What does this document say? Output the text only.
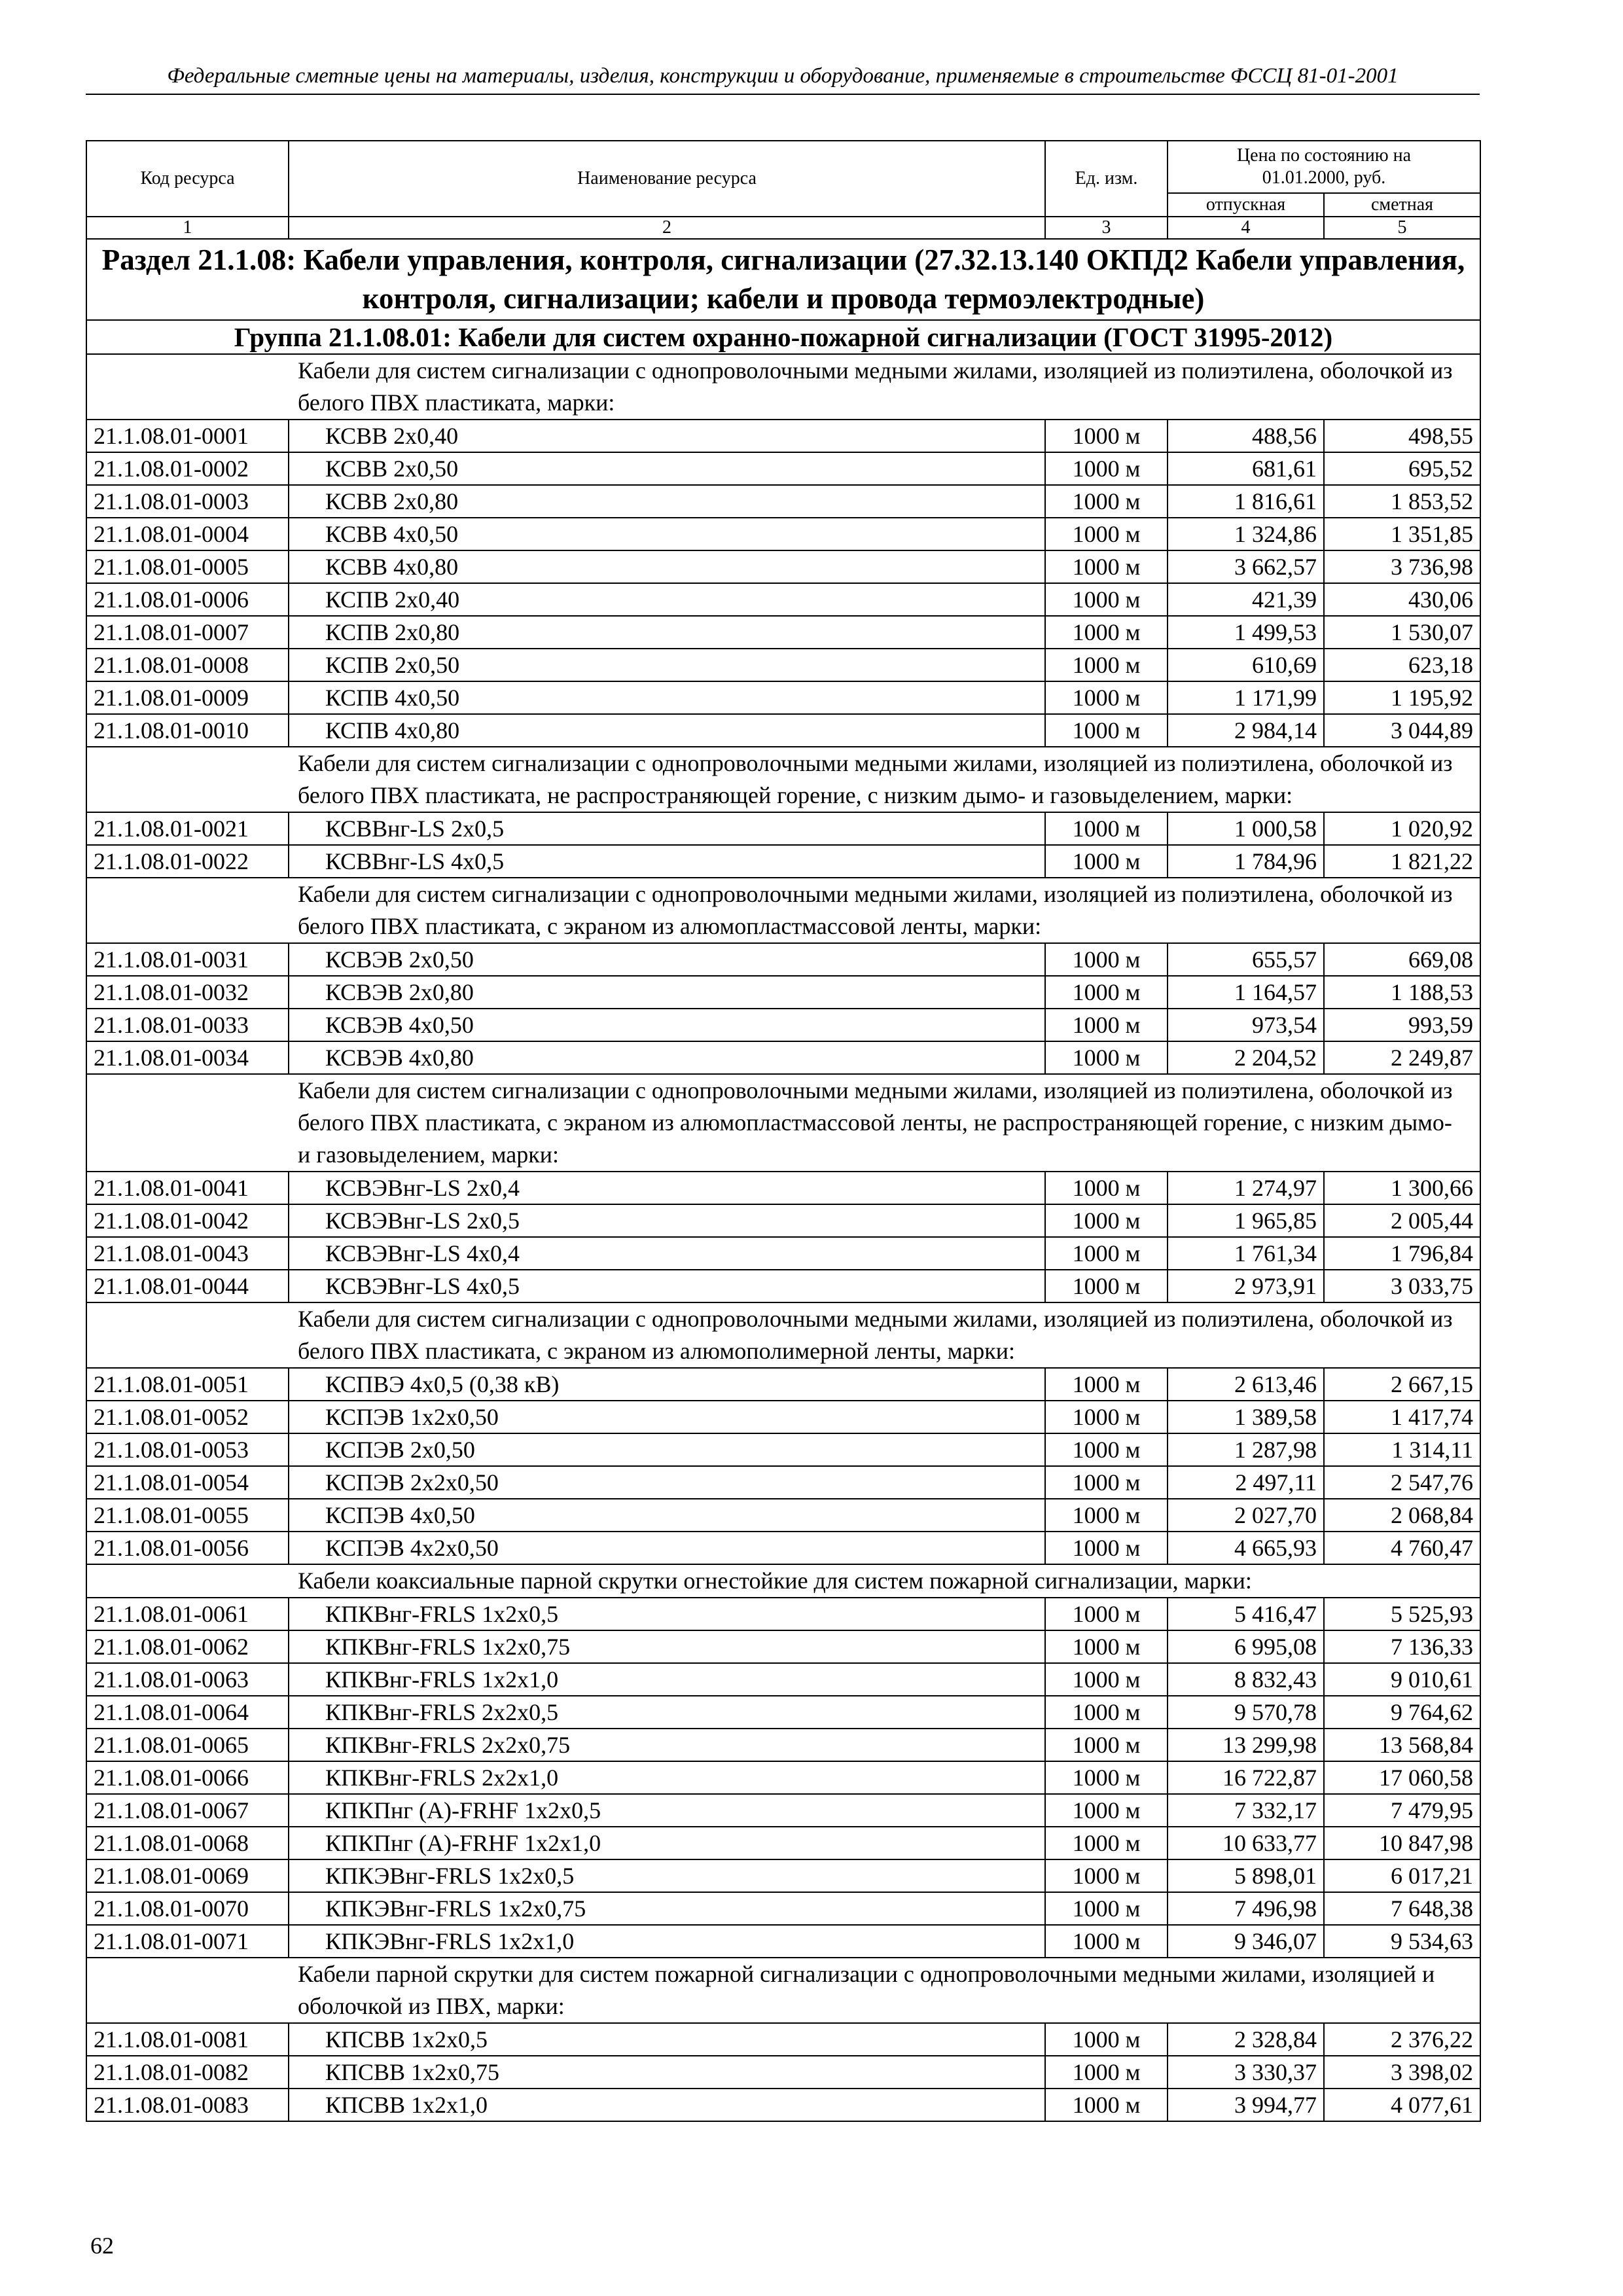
Федеральные сметные цены на материалы, изделия, конструкции и оборудование, применяемые в строительстве ФССЦ 81-01-2001
Код ресурса	Наименование ресурса	Ед. изм.	Цена по состоянию на 01.01.2000, руб.	
			отпускная	сметная
1	2	3	4	5
Раздел 21.1.08: Кабели управления, контроля, сигнализации (27.32.13.140 ОКПД2 Кабели управления, контроля, сигнализации; кабели и провода термоэлектродные)				
Группа 21.1.08.01: Кабели для систем охранно-пожарной сигнализации (ГОСТ 31995-2012)				
Кабели для систем сигнализации с однопроволочными медными жилами, изоляцией из полиэтилена, оболочкой из белого ПВХ пластиката, марки:				
21.1.08.01-0001	КСВВ 2х0,40	1000 м	488,56	498,55
21.1.08.01-0002	КСВВ 2х0,50	1000 м	681,61	695,52
21.1.08.01-0003	КСВВ 2х0,80	1000 м	1 816,61	1 853,52
21.1.08.01-0004	КСВВ 4х0,50	1000 м	1 324,86	1 351,85
21.1.08.01-0005	КСВВ 4х0,80	1000 м	3 662,57	3 736,98
21.1.08.01-0006	КСПВ 2х0,40	1000 м	421,39	430,06
21.1.08.01-0007	КСПВ 2х0,80	1000 м	1 499,53	1 530,07
21.1.08.01-0008	КСПВ 2х0,50	1000 м	610,69	623,18
21.1.08.01-0009	КСПВ 4х0,50	1000 м	1 171,99	1 195,92
21.1.08.01-0010	КСПВ 4х0,80	1000 м	2 984,14	3 044,89
Кабели для систем сигнализации с однопроволочными медными жилами, изоляцией из полиэтилена, оболочкой из белого ПВХ пластиката, не распространяющей горение, с низким дымо- и газовыделением, марки:				
21.1.08.01-0021	КСВВнг-LS 2х0,5	1000 м	1 000,58	1 020,92
21.1.08.01-0022	КСВВнг-LS 4х0,5	1000 м	1 784,96	1 821,22
Кабели для систем сигнализации с однопроволочными медными жилами, изоляцией из полиэтилена, оболочкой из белого ПВХ пластиката, с экраном из алюмопластмассовой ленты, марки:				
21.1.08.01-0031	КСВЭВ 2х0,50	1000 м	655,57	669,08
21.1.08.01-0032	КСВЭВ 2х0,80	1000 м	1 164,57	1 188,53
21.1.08.01-0033	КСВЭВ 4х0,50	1000 м	973,54	993,59
21.1.08.01-0034	КСВЭВ 4х0,80	1000 м	2 204,52	2 249,87
Кабели для систем сигнализации с однопроволочными медными жилами, изоляцией из полиэтилена, оболочкой из белого ПВХ пластиката, с экраном из алюмопластмассовой ленты, не распространяющей горение, с низким дымо- и газовыделением, марки:				
21.1.08.01-0041	КСВЭВнг-LS 2х0,4	1000 м	1 274,97	1 300,66
21.1.08.01-0042	КСВЭВнг-LS 2х0,5	1000 м	1 965,85	2 005,44
21.1.08.01-0043	КСВЭВнг-LS 4х0,4	1000 м	1 761,34	1 796,84
21.1.08.01-0044	КСВЭВнг-LS 4х0,5	1000 м	2 973,91	3 033,75
Кабели для систем сигнализации с однопроволочными медными жилами, изоляцией из полиэтилена, оболочкой из белого ПВХ пластиката, с экраном из алюмополимерной ленты, марки:				
21.1.08.01-0051	КСПВЭ 4х0,5 (0,38 кВ)	1000 м	2 613,46	2 667,15
21.1.08.01-0052	КСПЭВ 1х2х0,50	1000 м	1 389,58	1 417,74
21.1.08.01-0053	КСПЭВ 2х0,50	1000 м	1 287,98	1 314,11
21.1.08.01-0054	КСПЭВ 2х2х0,50	1000 м	2 497,11	2 547,76
21.1.08.01-0055	КСПЭВ 4х0,50	1000 м	2 027,70	2 068,84
21.1.08.01-0056	КСПЭВ 4х2х0,50	1000 м	4 665,93	4 760,47
Кабели коаксиальные парной скрутки огнестойкие для систем пожарной сигнализации, марки:				
21.1.08.01-0061	КПКВнг-FRLS 1х2х0,5	1000 м	5 416,47	5 525,93
21.1.08.01-0062	КПКВнг-FRLS 1х2х0,75	1000 м	6 995,08	7 136,33
21.1.08.01-0063	КПКВнг-FRLS 1х2х1,0	1000 м	8 832,43	9 010,61
21.1.08.01-0064	КПКВнг-FRLS 2х2х0,5	1000 м	9 570,78	9 764,62
21.1.08.01-0065	КПКВнг-FRLS 2х2х0,75	1000 м	13 299,98	13 568,84
21.1.08.01-0066	КПКВнг-FRLS 2х2х1,0	1000 м	16 722,87	17 060,58
21.1.08.01-0067	КПКПнг (А)-FRHF 1х2х0,5	1000 м	7 332,17	7 479,95
21.1.08.01-0068	КПКПнг (А)-FRHF 1х2х1,0	1000 м	10 633,77	10 847,98
21.1.08.01-0069	КПКЭВнг-FRLS 1х2х0,5	1000 м	5 898,01	6 017,21
21.1.08.01-0070	КПКЭВнг-FRLS 1х2х0,75	1000 м	7 496,98	7 648,38
21.1.08.01-0071	КПКЭВнг-FRLS 1х2х1,0	1000 м	9 346,07	9 534,63
Кабели парной скрутки для систем пожарной сигнализации с однопроволочными медными жилами, изоляцией и оболочкой из ПВХ, марки:				
21.1.08.01-0081	КПСВВ 1х2х0,5	1000 м	2 328,84	2 376,22
21.1.08.01-0082	КПСВВ 1х2х0,75	1000 м	3 330,37	3 398,02
21.1.08.01-0083	КПСВВ 1х2х1,0	1000 м	3 994,77	4 077,61
62
